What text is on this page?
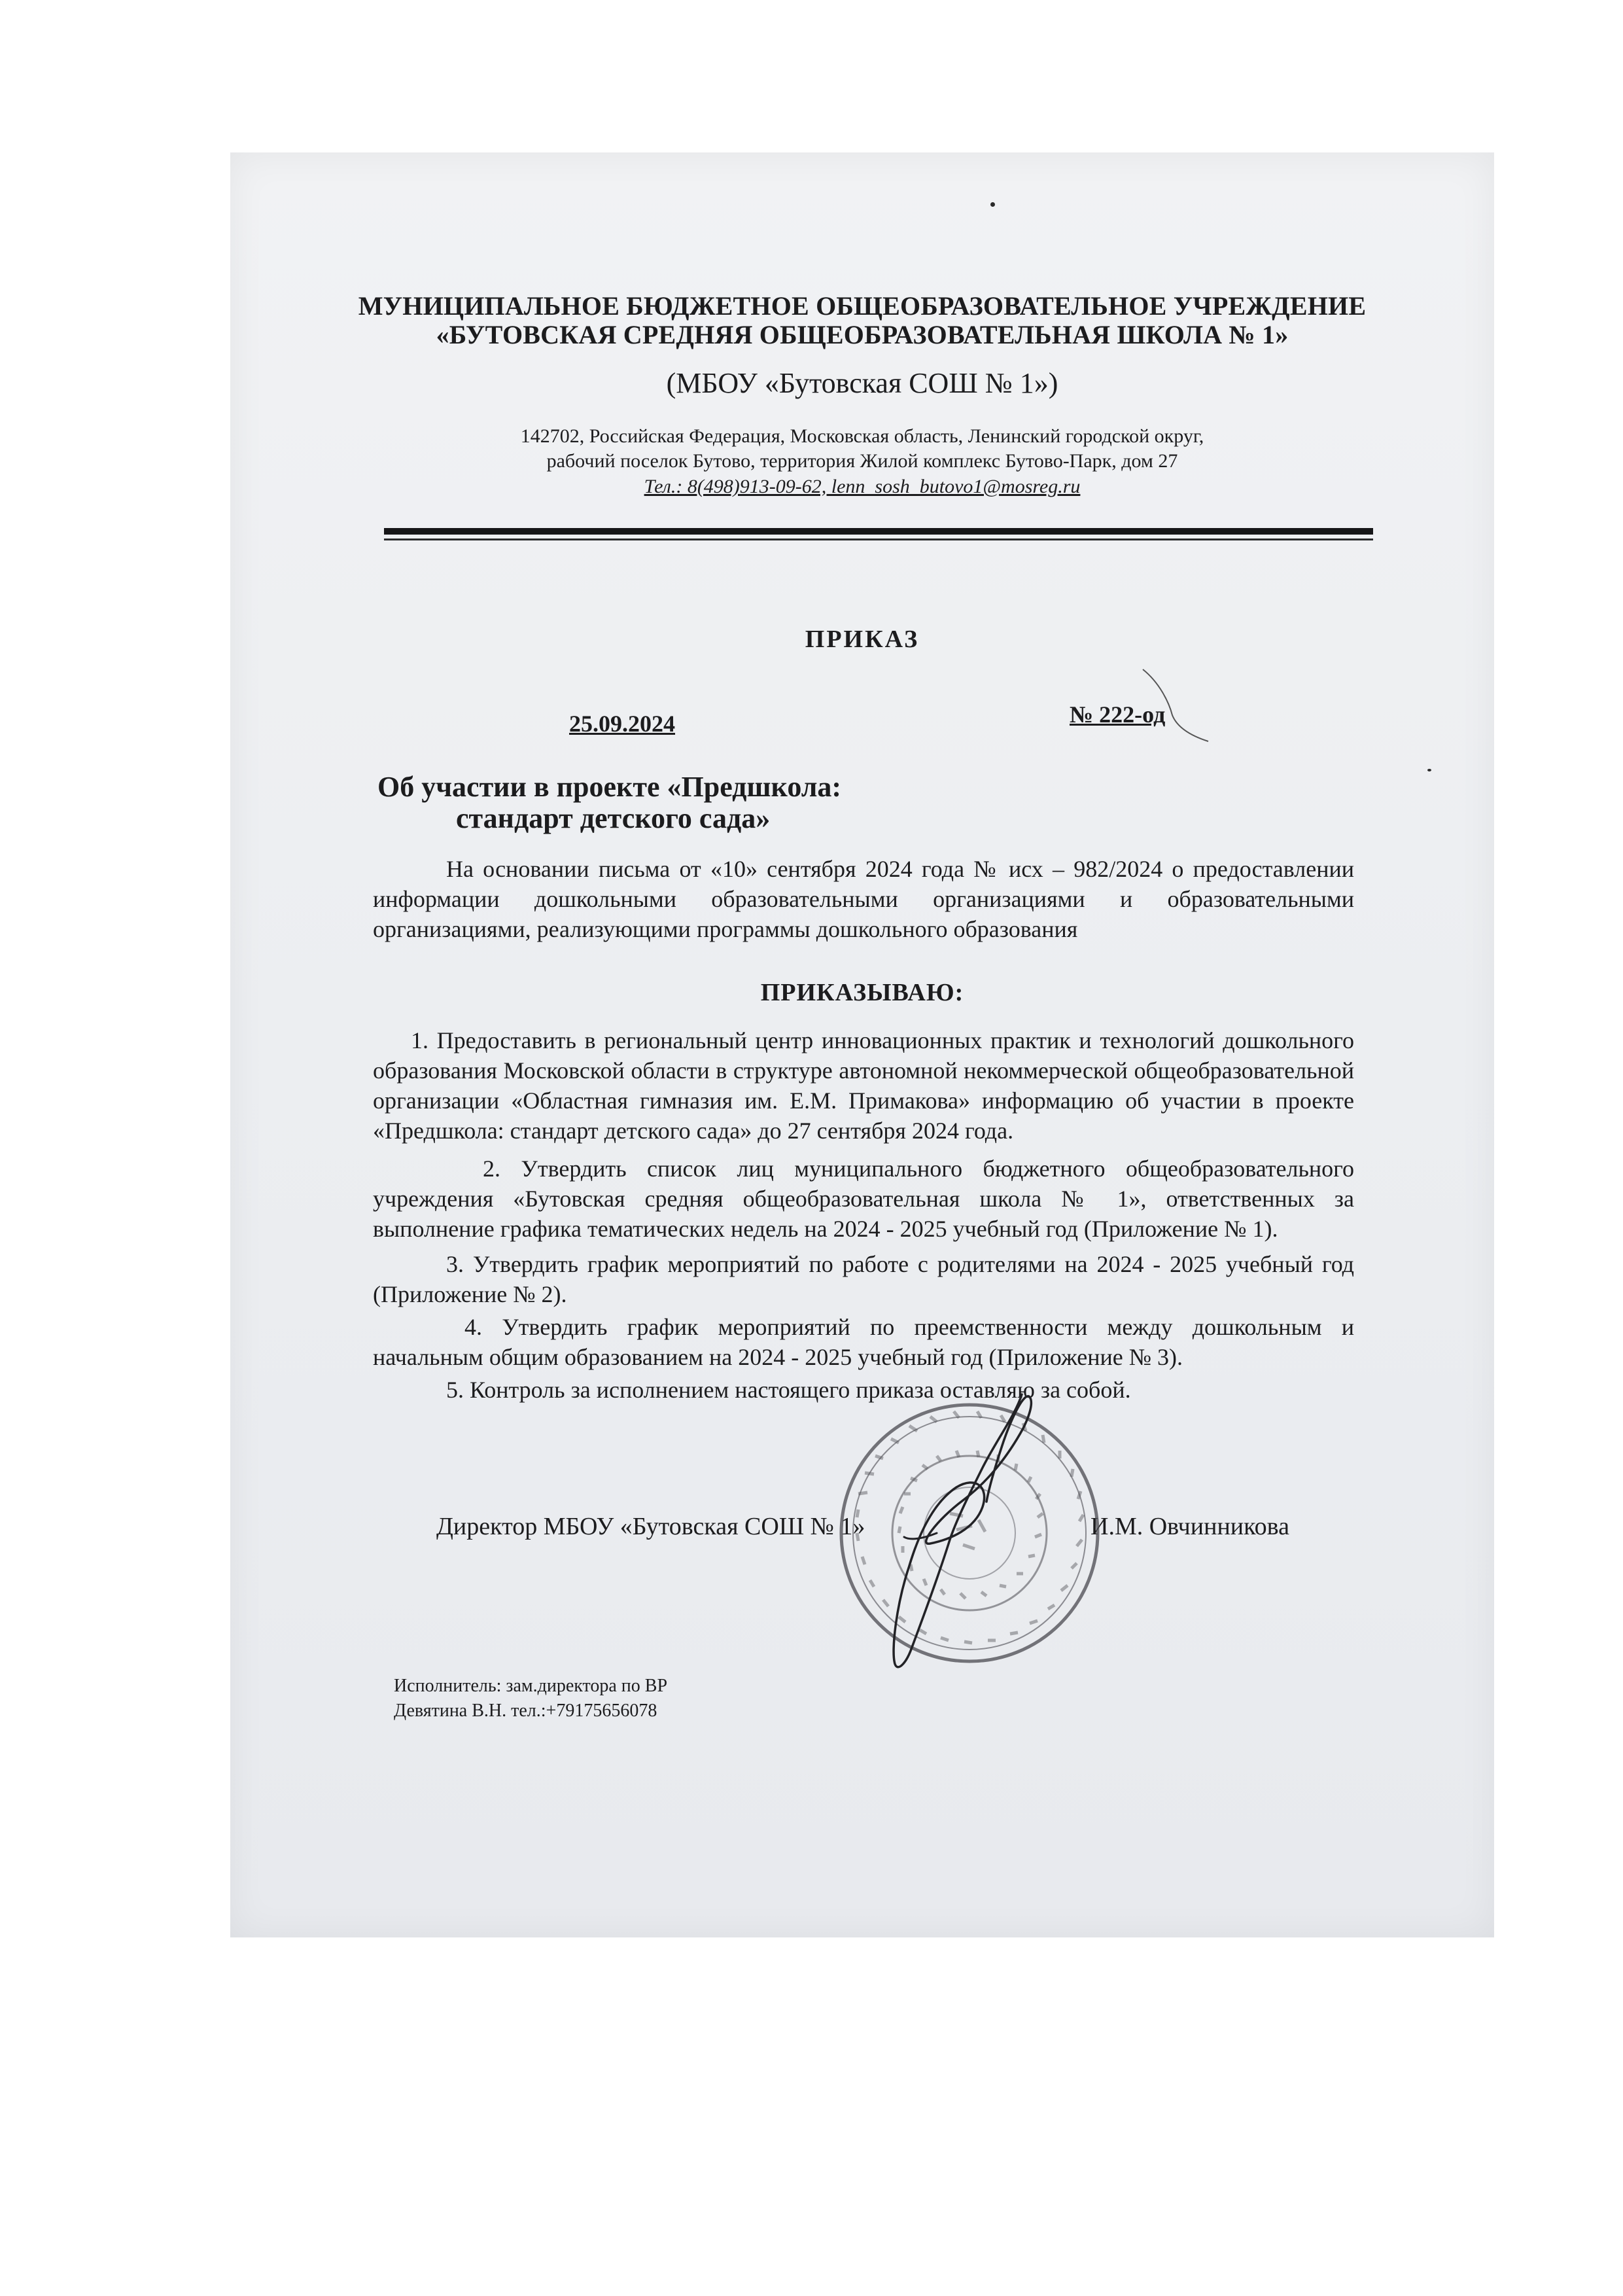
МУНИЦИПАЛЬНОЕ БЮДЖЕТНОЕ ОБЩЕОБРАЗОВАТЕЛЬНОЕ УЧРЕЖДЕНИЕ
«БУТОВСКАЯ СРЕДНЯЯ ОБЩЕОБРАЗОВАТЕЛЬНАЯ ШКОЛА № 1»
(МБОУ «Бутовская СОШ № 1»)
142702, Российская Федерация, Московская область, Ленинский городской округ,
рабочий поселок Бутово, территория Жилой комплекс Бутово-Парк, дом 27
Тел.: 8(498)913-09-62, lenn_sosh_butovo1@mosreg.ru
ПРИКАЗ
25.09.2024	№ 222-од
Об участии в проекте «Предшкола:
стандарт детского сада»
На основании письма от «10» сентября 2024 года № исх – 982/2024 о предоставлении информации дошкольными образовательными организациями и образовательными организациями, реализующими программы дошкольного образования
ПРИКАЗЫВАЮ:
1. Предоставить в региональный центр инновационных практик и технологий дошкольного образования Московской области в структуре автономной некоммерческой общеобразовательной организации «Областная гимназия им. Е.М. Примакова» информацию об участии в проекте «Предшкола: стандарт детского сада» до 27 сентября 2024 года.
2. Утвердить список лиц муниципального бюджетного общеобразовательного учреждения «Бутовская средняя общеобразовательная школа № 1», ответственных за выполнение графика тематических недель на 2024 - 2025 учебный год (Приложение № 1).
3. Утвердить график мероприятий по работе с родителями на 2024 - 2025 учебный год (Приложение № 2).
4. Утвердить график мероприятий по преемственности между дошкольным и начальным общим образованием на 2024 - 2025 учебный год (Приложение № 3).
5. Контроль за исполнением настоящего приказа оставляю за собой.
Директор МБОУ «Бутовская СОШ № 1»	И.М. Овчинникова
Исполнитель: зам.директора по ВР
Девятина В.Н. тел.:+79175656078
